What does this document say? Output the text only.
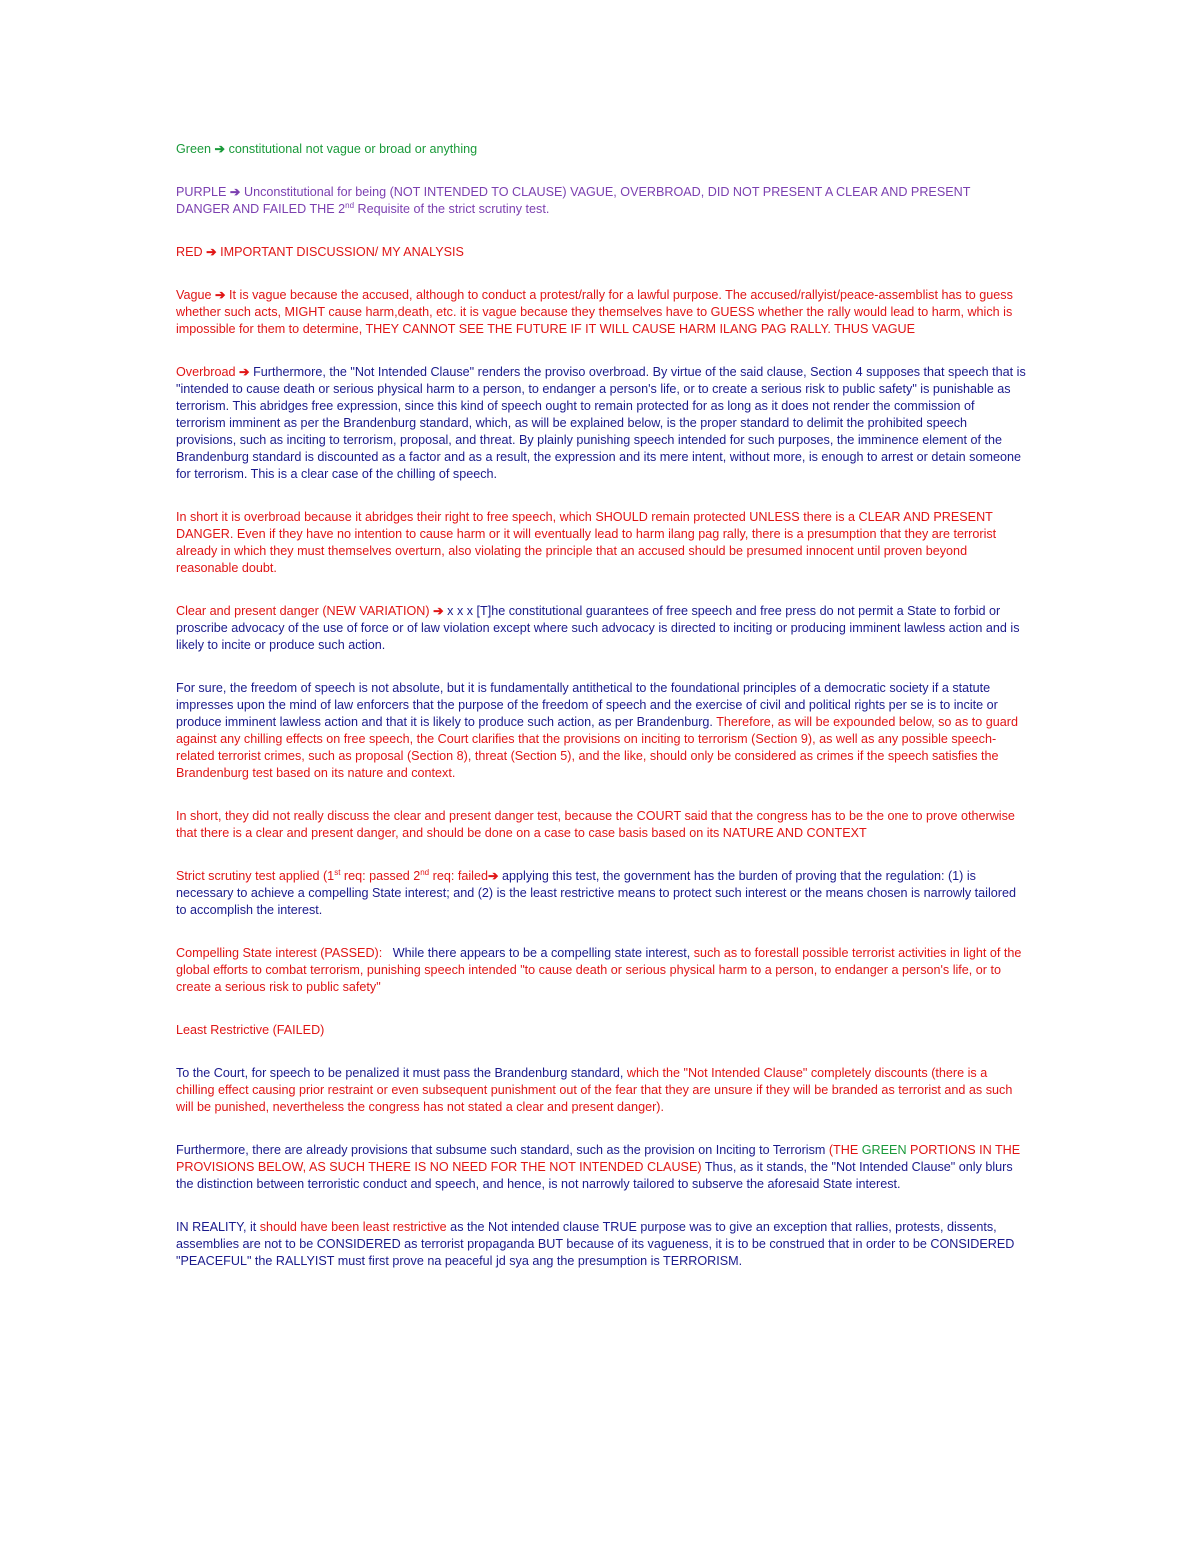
Green ➔ constitutional not vague or broad or anything

PURPLE ➔ Unconstitutional for being (NOT INTENDED TO CLAUSE) VAGUE, OVERBROAD, DID NOT PRESENT A CLEAR AND PRESENT DANGER AND FAILED THE 2nd Requisite of the strict scrutiny test.

RED ➔ IMPORTANT DISCUSSION/ MY ANALYSIS

Vague ➔ It is vague because the accused, although to conduct a protest/rally for a lawful purpose. The accused/rallyist/peace-assemblist has to guess whether such acts, MIGHT cause harm,death, etc. it is vague because they themselves have to GUESS whether the rally would lead to harm, which is impossible for them to determine, THEY CANNOT SEE THE FUTURE IF IT WILL CAUSE HARM ILANG PAG RALLY. THUS VAGUE

Overbroad ➔ Furthermore, the "Not Intended Clause" renders the proviso overbroad. By virtue of the said clause, Section 4 supposes that speech that is "intended to cause death or serious physical harm to a person, to endanger a person's life, or to create a serious risk to public safety" is punishable as terrorism. This abridges free expression, since this kind of speech ought to remain protected for as long as it does not render the commission of terrorism imminent as per the Brandenburg standard, which, as will be explained below, is the proper standard to delimit the prohibited speech provisions, such as inciting to terrorism, proposal, and threat. By plainly punishing speech intended for such purposes, the imminence element of the Brandenburg standard is discounted as a factor and as a result, the expression and its mere intent, without more, is enough to arrest or detain someone for terrorism. This is a clear case of the chilling of speech.

In short it is overbroad because it abridges their right to free speech, which SHOULD remain protected UNLESS there is a CLEAR AND PRESENT DANGER. Even if they have no intention to cause harm or it will eventually lead to harm ilang pag rally, there is a presumption that they are terrorist already in which they must themselves overturn, also violating the principle that an accused should be presumed innocent until proven beyond reasonable doubt.

Clear and present danger (NEW VARIATION) ➔ x x x [T]he constitutional guarantees of free speech and free press do not permit a State to forbid or proscribe advocacy of the use of force or of law violation except where such advocacy is directed to inciting or producing imminent lawless action and is likely to incite or produce such action.

For sure, the freedom of speech is not absolute, but it is fundamentally antithetical to the foundational principles of a democratic society if a statute impresses upon the mind of law enforcers that the purpose of the freedom of speech and the exercise of civil and political rights per se is to incite or produce imminent lawless action and that it is likely to produce such action, as per Brandenburg. Therefore, as will be expounded below, so as to guard against any chilling effects on free speech, the Court clarifies that the provisions on inciting to terrorism (Section 9), as well as any possible speech-related terrorist crimes, such as proposal (Section 8), threat (Section 5), and the like, should only be considered as crimes if the speech satisfies the Brandenburg test based on its nature and context.

In short, they did not really discuss the clear and present danger test, because the COURT said that the congress has to be the one to prove otherwise that there is a clear and present danger, and should be done on a case to case basis based on its NATURE AND CONTEXT

Strict scrutiny test applied (1st req: passed 2nd req: failed➔ applying this test, the government has the burden of proving that the regulation: (1) is necessary to achieve a compelling State interest; and (2) is the least restrictive means to protect such interest or the means chosen is narrowly tailored to accomplish the interest.

Compelling State interest (PASSED): While there appears to be a compelling state interest, such as to forestall possible terrorist activities in light of the global efforts to combat terrorism, punishing speech intended "to cause death or serious physical harm to a person, to endanger a person's life, or to create a serious risk to public safety"

Least Restrictive (FAILED)

To the Court, for speech to be penalized it must pass the Brandenburg standard, which the "Not Intended Clause" completely discounts (there is a chilling effect causing prior restraint or even subsequent punishment out of the fear that they are unsure if they will be branded as terrorist and as such will be punished, nevertheless the congress has not stated a clear and present danger).

Furthermore, there are already provisions that subsume such standard, such as the provision on Inciting to Terrorism (THE GREEN PORTIONS IN THE PROVISIONS BELOW, AS SUCH THERE IS NO NEED FOR THE NOT INTENDED CLAUSE) Thus, as it stands, the "Not Intended Clause" only blurs the distinction between terroristic conduct and speech, and hence, is not narrowly tailored to subserve the aforesaid State interest.

IN REALITY, it should have been least restrictive as the Not intended clause TRUE purpose was to give an exception that rallies, protests, dissents, assemblies are not to be CONSIDERED as terrorist propaganda BUT because of its vagueness, it is to be construed that in order to be CONSIDERED "PEACEFUL" the RALLYIST must first prove na peaceful jd sya ang the presumption is TERRORISM.
